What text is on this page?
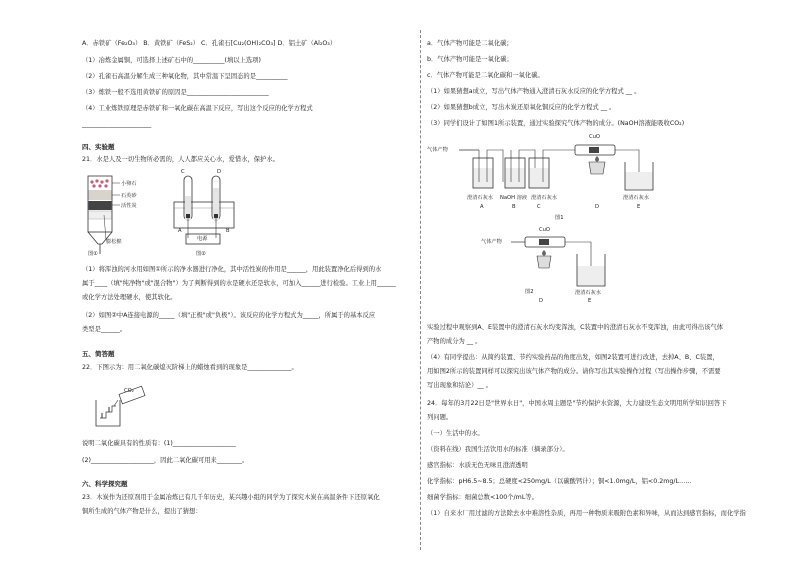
A．赤铁矿（Fe₂O₃） B．黄铁矿（FeS₂） C．孔雀石[Cu₂(OH)₂CO₃] D．铝土矿（Al₂O₃）
（1）冶炼金属铜，可选择上述矿石中的__________(填以上选项)
（2）孔雀石高温分解生成三种氧化物，其中常温下呈固态的是__________
（3）炼铁一般不选用黄铁矿的原因是__________________________
（4）工业炼铁原理是赤铁矿和一氧化碳在高温下反应，写出这个反应的化学方程式
______________________
四、实验题
21．水是人及一切生物所必需的，人人都应关心水，爱惜水，保护水。
小卵石
石英砂
活性炭
膨松棉
图①
C	D
A	B
电源
图②
（1）将浑浊的河水用如图①所示的净水器进行净化，其中活性炭的作用是______，用此装置净化后得到的水
属于____（填"纯净物"或"混合物"）为了判断得到的水是硬水还是软水，可加入______进行检验。工业上用______
或化学方法处理硬水，使其软化。
（2）如图②中A连接电源的_____（填"正极"或"负极"）。该反应的化学方程式为_____，所属于的基本反应
类型是______。
五、简答题
22．下图示为：用二氧化碳熄灭阶梯上的蜡烛看到的现象是______________。
CO₂
说明二氧化碳具有的性质有：(1)____________________
(2)____________________，因此二氧化碳可用来________。
六、科学探究题
23．木炭作为还原剂用于金属冶炼已有几千年历史，某兴趣小组的同学为了探究木炭在高温条件下还原氧化
铜所生成的气体产物是什么，提出了猜想：
a．气体产物可能是二氧化碳；
b．气体产物可能是一氧化碳；
c．气体产物可能是二氧化碳和一氧化碳。
（1）如果猜想a成立，写出气体产物通入澄清石灰水反应的化学方程式 __ 。
（2）如果猜想b成立，写出木炭还原氧化铜反应的化学方程式 __ 。
（3）同学们设计了如图1所示装置，通过实验探究气体产物的成分。(NaOH溶液能吸收CO₂)
气体产物
CuO
澄清石灰水 NaOH 溶液 澄清石灰水	澄清石灰水
A	B	C	D	E
图1
气体产物
CuO
澄清石灰水
E
D
图2
实验过程中观察到A、E装置中的澄清石灰水均变浑浊，C装置中的澄清石灰水不变浑浊，由此可得出该气体
产物的成分为 __ 。
（4）有同学提出：从简约装置、节约实验药品的角度出发，如图2装置可进行改进，去掉A、B、C装置，
用如图2所示的装置同样可以探究出该气体产物的成分。请你写出其实验操作过程（写出操作步骤，不需要
写出现象和结论）__ 。
24．每年的3月22日是"世界水日"，中国水周主题是"节约保护水资源，大力建设生态文明用所学知识回答下
列问题。
（一）生活中的水。
（资料在线）我国生活饮用水的标准（摘录部分）。
感官指标：水质无色无味且澄清透明
化学指标：pH6.5~8.5；总硬度<250mg/L（以碳酸钙计）；铜<1.0mg/L，铝<0.2mg/L……
细菌学指标：细菌总数<100个/mL等。
（1）自来水厂用过滤的方法除去水中难溶性杂质，再用一种物质来吸附色素和异味，从而达到感官指标，而化学指
